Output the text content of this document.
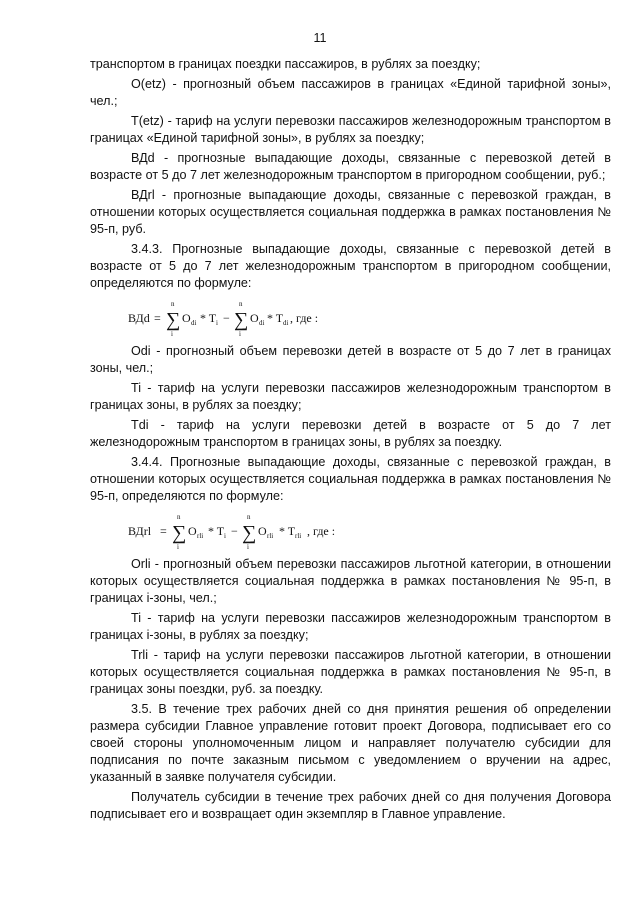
11

транспортом в границах поездки пассажиров, в рублях за поездку;

O(etz) - прогнозный объем пассажиров в границах «Единой тарифной зоны», чел.;

T(etz) - тариф на услуги перевозки пассажиров железнодорожным транспортом в границах «Единой тарифной зоны», в рублях за поездку;

ВДd - прогнозные выпадающие доходы, связанные с перевозкой детей в возрасте от 5 до 7 лет железнодорожным транспортом в пригородном сообщении, руб.;

ВДrl - прогнозные выпадающие доходы, связанные с перевозкой граждан, в отношении которых осуществляется социальная поддержка в рамках постановления № 95-п, руб.

3.4.3. Прогнозные выпадающие доходы, связанные с перевозкой детей в возрасте от 5 до 7 лет железнодорожным транспортом в пригородном сообщении, определяются по формуле:

ВДd =
n
∑
i
O di * T i −
n
∑
i
O di * T di , где :

Odi - прогнозный объем перевозки детей в возрасте от 5 до 7 лет в границах зоны, чел.;

Ti - тариф на услуги перевозки пассажиров железнодорожным транспортом в границах зоны, в рублях за поездку;

Tdi - тариф на услуги перевозки детей в возрасте от 5 до 7 лет железнодорожным транспортом в границах зоны, в рублях за поездку.

3.4.4. Прогнозные выпадающие доходы, связанные с перевозкой граждан, в отношении которых осуществляется социальная поддержка в рамках постановления № 95-п, определяются по формуле:

ВДrl =
n
∑
i
O rli * T i −
n
∑
i
O rli * T rli , где :

Orli - прогнозный объем перевозки пассажиров льготной категории, в отношении которых осуществляется социальная поддержка в рамках постановления № 95-п, в границах i-зоны, чел.;

Ti - тариф на услуги перевозки пассажиров железнодорожным транспортом в границах i-зоны, в рублях за поездку;

Trli - тариф на услуги перевозки пассажиров льготной категории, в отношении которых осуществляется социальная поддержка в рамках постановления № 95-п, в границах зоны поездки, руб. за поездку.

3.5. В течение трех рабочих дней со дня принятия решения об определении размера субсидии Главное управление готовит проект Договора, подписывает его со своей стороны уполномоченным лицом и направляет получателю субсидии для подписания по почте заказным письмом с уведомлением о вручении на адрес, указанный в заявке получателя субсидии.

Получатель субсидии в течение трех рабочих дней со дня получения Договора подписывает его и возвращает один экземпляр в Главное управление.
